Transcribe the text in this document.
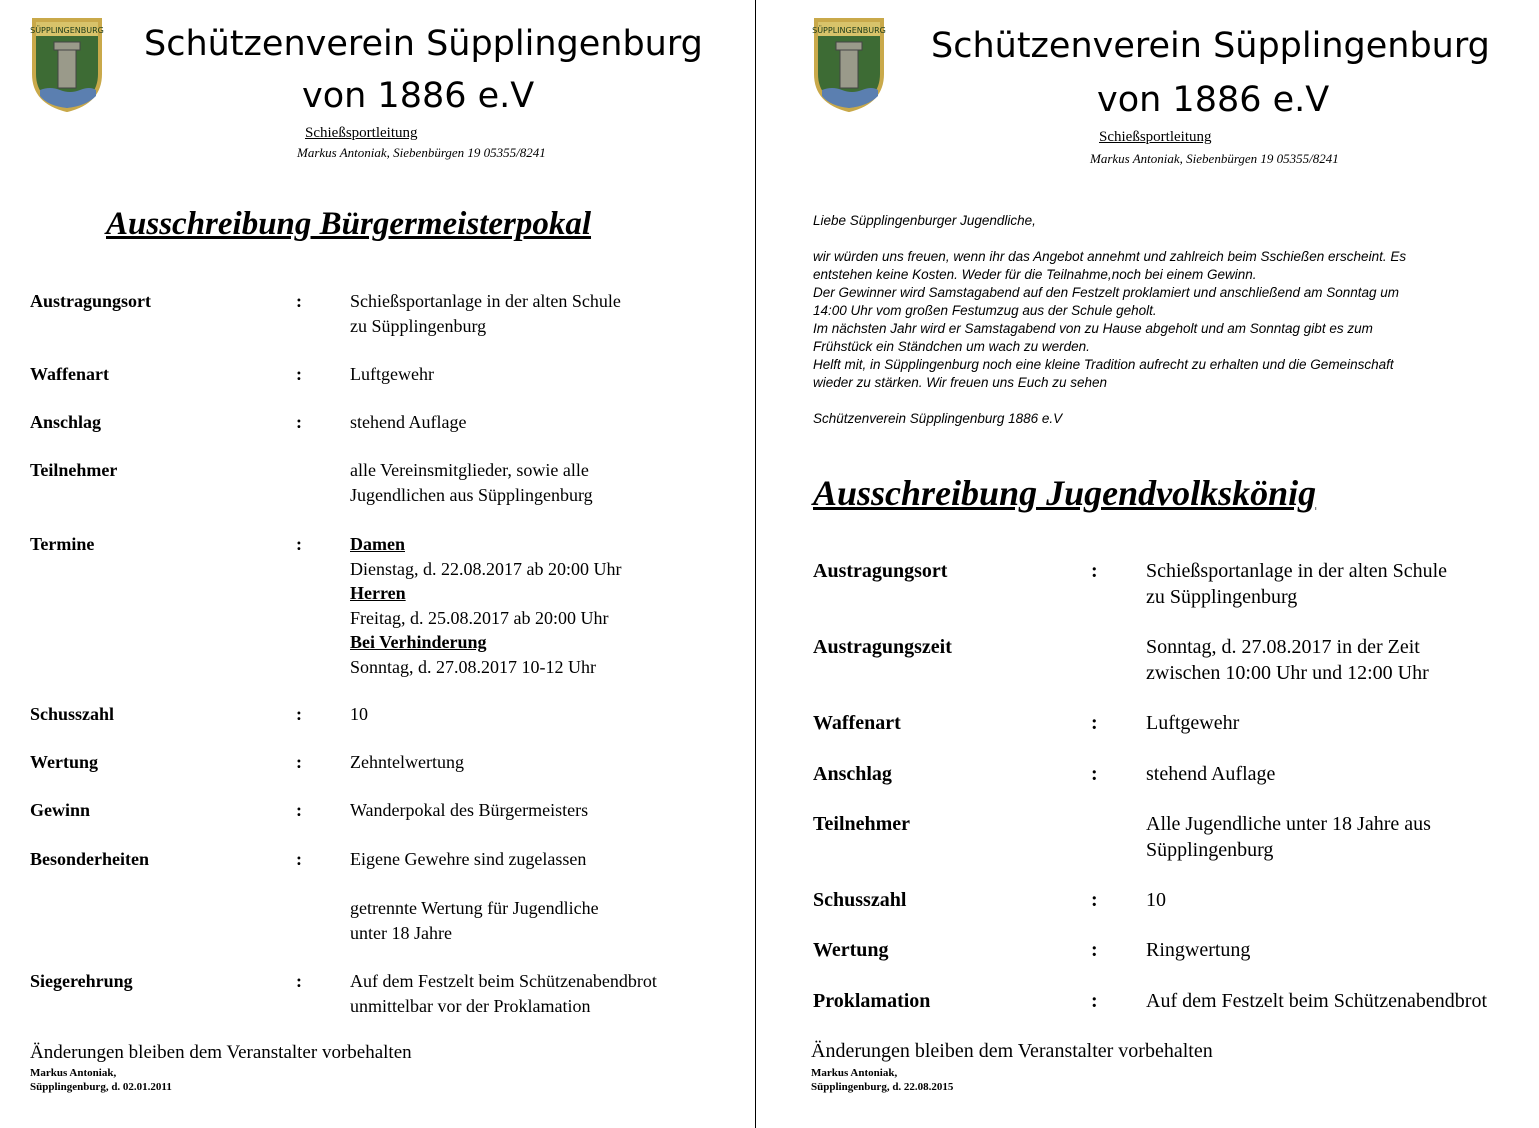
SÜPPLINGENBURG Schützenverein Süpplingenburg
von 1886 e.V
Schießsportleitung
Markus Antoniak, Siebenbürgen 19 05355/8241
Ausschreibung Bürgermeisterpokal
Austragungsort	:	Schießsportanlage in der alten Schule
zu Süpplingenburg
Waffenart	:	Luftgewehr
Anschlag	:	stehend Auflage
Teilnehmer	alle Vereinsmitglieder, sowie alle
Jugendlichen aus Süpplingenburg
Termine	:	Damen
Dienstag, d. 22.08.2017 ab 20:00 Uhr
Herren
Freitag, d. 25.08.2017 ab 20:00 Uhr
Bei Verhinderung
Sonntag, d. 27.08.2017 10-12 Uhr
Schusszahl	:	10
Wertung	:	Zehntelwertung
Gewinn	:	Wanderpokal des Bürgermeisters
Besonderheiten	:	Eigene Gewehre sind zugelassen
getrennte Wertung für Jugendliche
unter 18 Jahre
Siegerehrung	:	Auf dem Festzelt beim Schützenabendbrot
unmittelbar vor der Proklamation
Änderungen bleiben dem Veranstalter vorbehalten
Markus Antoniak,
Süpplingenburg, d. 02.01.2011
SÜPPLINGENBURG Schützenverein Süpplingenburg
von 1886 e.V
Schießsportleitung
Markus Antoniak, Siebenbürgen 19 05355/8241
Liebe Süpplingenburger Jugendliche,
wir würden uns freuen, wenn ihr das Angebot annehmt und zahlreich beim Sschießen erscheint. Es
entstehen keine Kosten. Weder für die Teilnahme,noch bei einem Gewinn.
Der Gewinner wird Samstagabend auf den Festzelt proklamiert und anschließend am Sonntag um
14:00 Uhr vom großen Festumzug aus der Schule geholt.
Im nächsten Jahr wird er Samstagabend von zu Hause abgeholt und am Sonntag gibt es zum
Frühstück ein Ständchen um wach zu werden.
Helft mit, in Süpplingenburg noch eine kleine Tradition aufrecht zu erhalten und die Gemeinschaft
wieder zu stärken. Wir freuen uns Euch zu sehen
Schützenverein Süpplingenburg 1886 e.V
Ausschreibung Jugendvolkskönig
Austragungsort	: Schießsportanlage in der alten Schule
zu Süpplingenburg
Austragungszeit	Sonntag, d. 27.08.2017 in der Zeit
zwischen 10:00 Uhr und 12:00 Uhr
Waffenart	: Luftgewehr
Anschlag	: stehend Auflage
Teilnehmer	Alle Jugendliche unter 18 Jahre aus
Süpplingenburg
Schusszahl	: 10
Wertung	: Ringwertung
Proklamation	: Auf dem Festzelt beim Schützenabendbrot
Änderungen bleiben dem Veranstalter vorbehalten
Markus Antoniak,
Süpplingenburg, d. 22.08.2015
